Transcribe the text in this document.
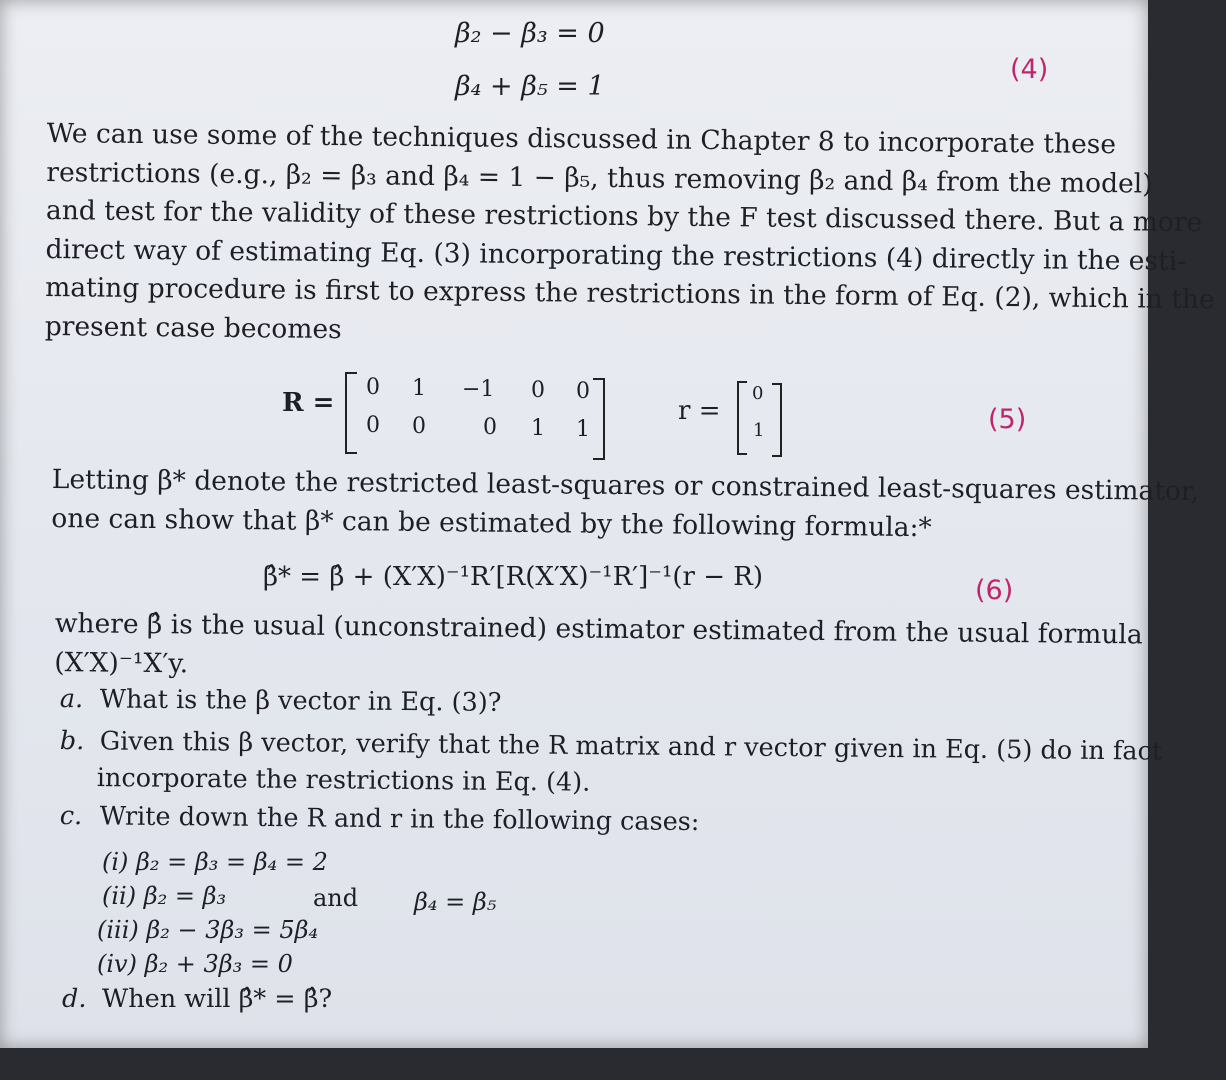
β₂ − β₃ = 0
β₄ + β₅ = 1
(4)
We can use some of the techniques discussed in Chapter 8 to incorporate these
restrictions (e.g., β₂ = β₃ and β₄ = 1 − β₅, thus removing β₂ and β₄ from the model)
and test for the validity of these restrictions by the F test discussed there. But a more
direct way of estimating Eq. (3) incorporating the restrictions (4) directly in the esti-
mating procedure is first to express the restrictions in the form of Eq. (2), which in the
present case becomes
R =
0 1 −1 0 0
0 0	0 1 1
r =
0
1	(5)
Letting β* denote the restricted least-squares or constrained least-squares estimator,
one can show that β* can be estimated by the following formula:*
β̂* = β̂ + (X′X)⁻¹R′[R(X′X)⁻¹R′]⁻¹(r − R)	(6)
where β̂ is the usual (unconstrained) estimator estimated from the usual formula
(X′X)⁻¹X′y.
a. What is the β vector in Eq. (3)?
b. Given this β vector, verify that the R matrix and r vector given in Eq. (5) do in fact
incorporate the restrictions in Eq. (4).
c. Write down the R and r in the following cases:
(i) β₂ = β₃ = β₄ = 2
(ii) β₂ = β₃	and β₄ = β₅
(iii) β₂ − 3β₃ = 5β₄
(iv) β₂ + 3β₃ = 0
d. When will β̂* = β̂?
